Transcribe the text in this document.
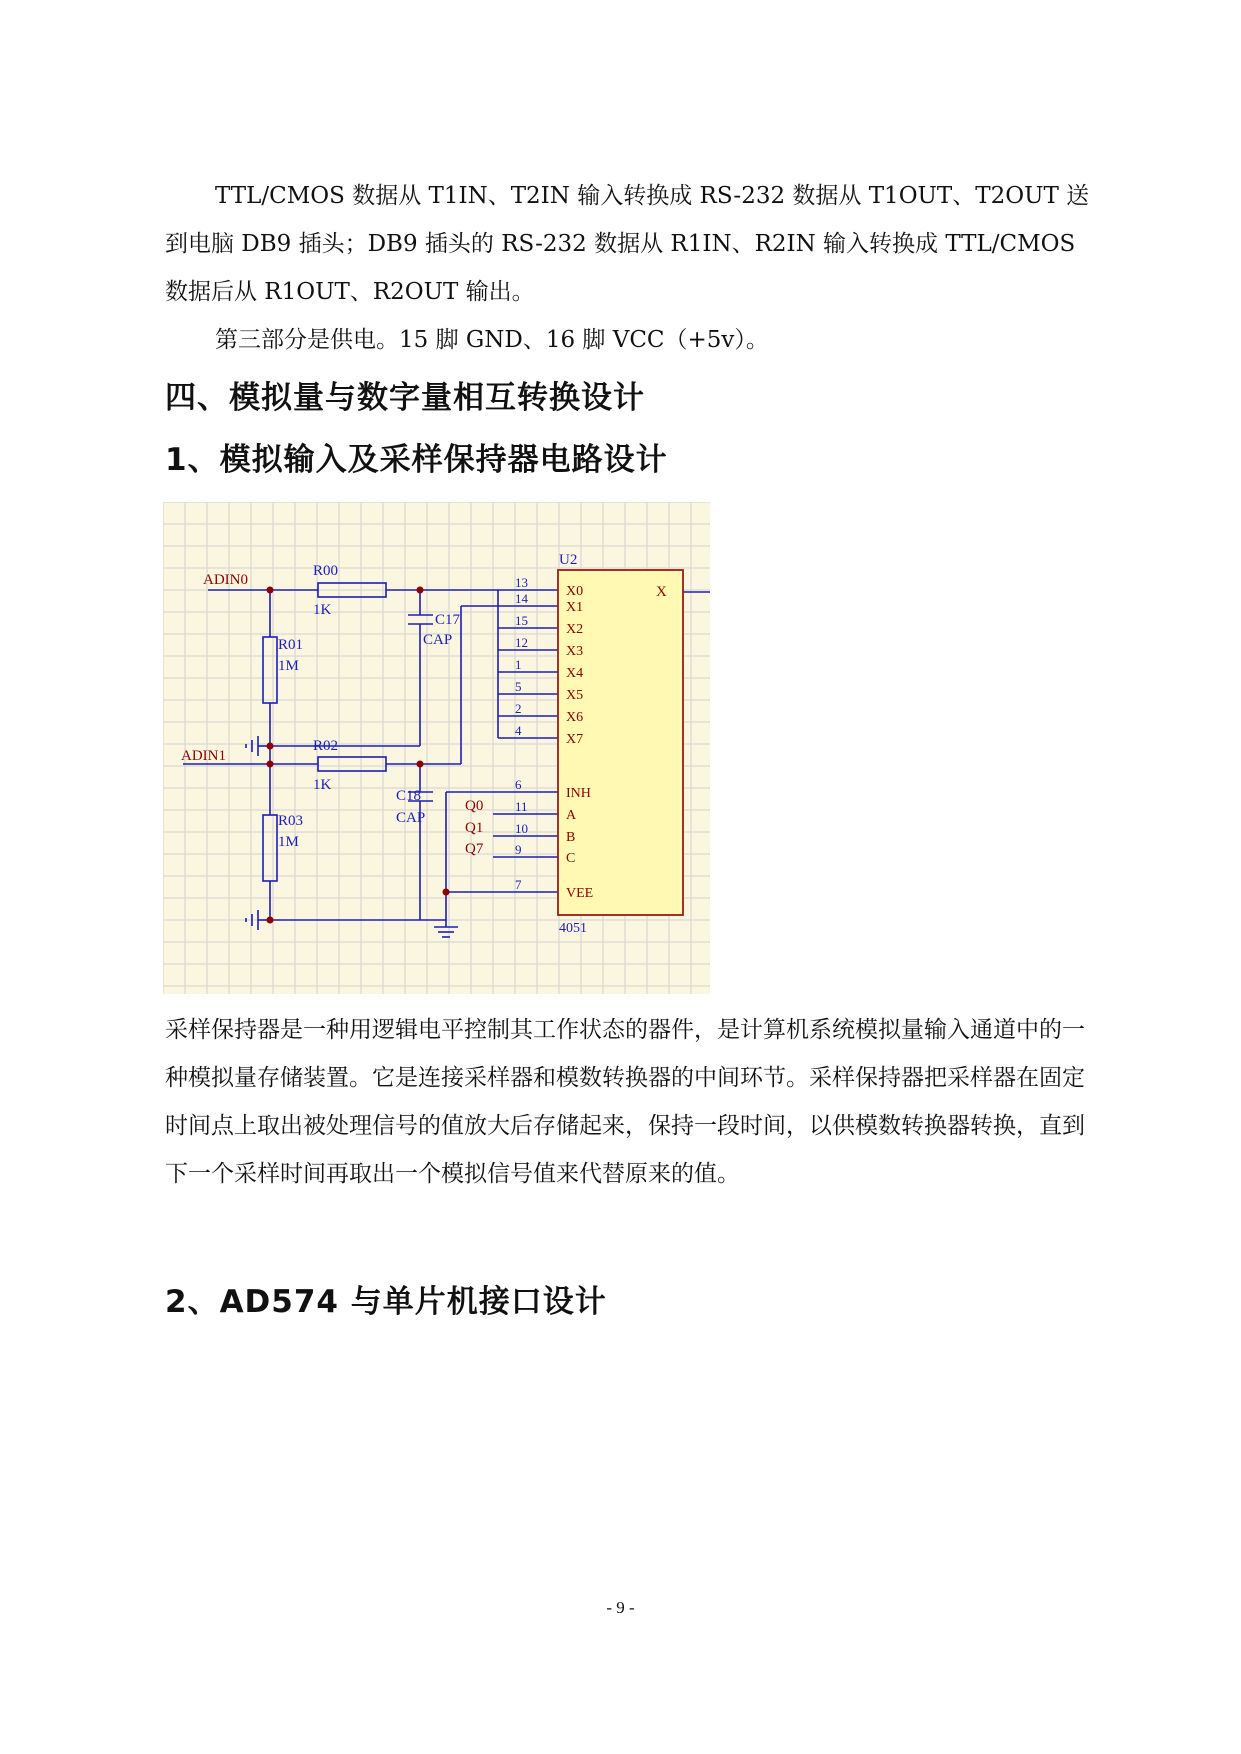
TTL/CMOS 数据从 T1IN、T2IN 输入转换成 RS-232 数据从 T1OUT、T2OUT 送到电脑 DB9 插头；DB9 插头的 RS-232 数据从 R1IN、R2IN 输入转换成 TTL/CMOS 数据后从 R1OUT、R2OUT 输出。

第三部分是供电。15 脚 GND、16 脚 VCC（+5v）。

四、模拟量与数字量相互转换设计
1、模拟输入及采样保持器电路设计
ADIN0
ADIN1
R00
1K
R01
1M
R02
1K
R03
1M
C17
CAP
C18
CAP
Q0
Q1
Q7
U2
4051
X
X0
X1
X2
X3
X4
X5
X6
X7
INH
A
B
C
VEE
13
14
15
12
1
5
2
4
6
11
10
9
7

采样保持器是一种用逻辑电平控制其工作状态的器件，是计算机系统模拟量输入通道中的一种模拟量存储装置。它是连接采样器和模数转换器的中间环节。采样保持器把采样器在固定时间点上取出被处理信号的值放大后存储起来，保持一段时间，以供模数转换器转换，直到下一个采样时间再取出一个模拟信号值来代替原来的值。

2、AD574 与单片机接口设计
- 9 -
